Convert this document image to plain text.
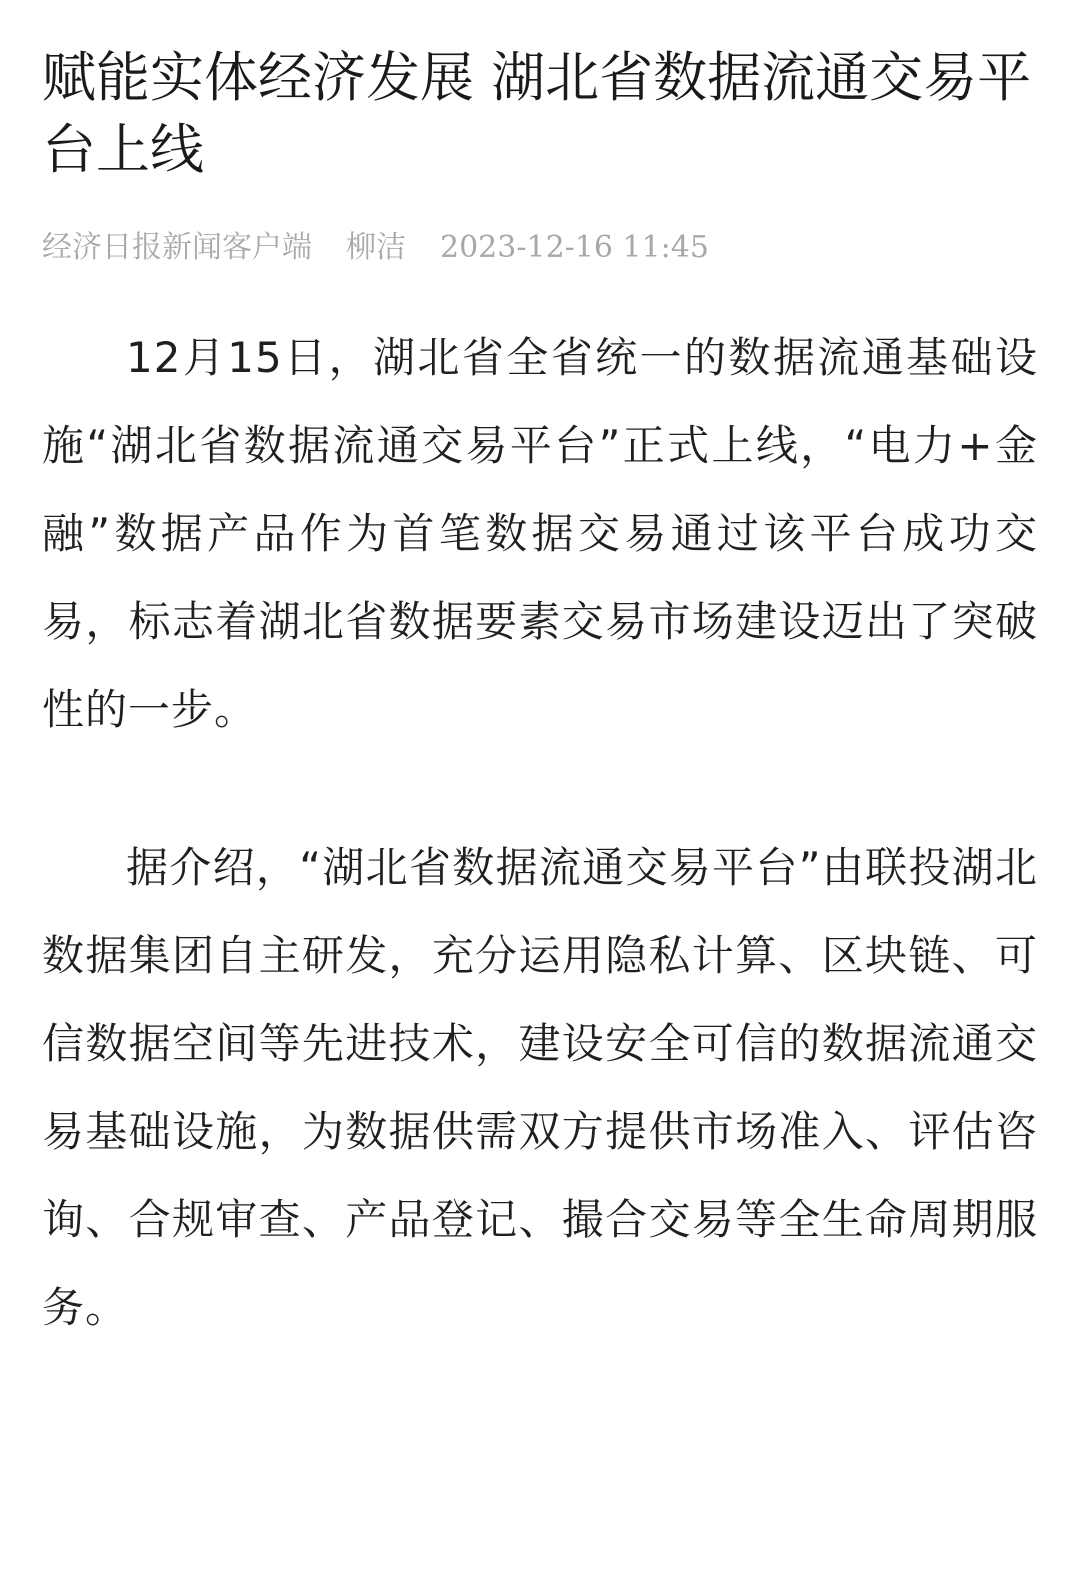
赋能实体经济发展 湖北省数据流通交易平台上线
经济日报新闻客户端 柳洁 2023-12-16 11:45

12月15日，湖北省全省统一的数据流通基础设施“湖北省数据流通交易平台”正式上线，“电力+金融”数据产品作为首笔数据交易通过该平台成功交易，标志着湖北省数据要素交易市场建设迈出了突破性的一步。

据介绍，“湖北省数据流通交易平台”由联投湖北数据集团自主研发，充分运用隐私计算、区块链、可信数据空间等先进技术，建设安全可信的数据流通交易基础设施，为数据供需双方提供市场准入、评估咨询、合规审查、产品登记、撮合交易等全生命周期服务。
